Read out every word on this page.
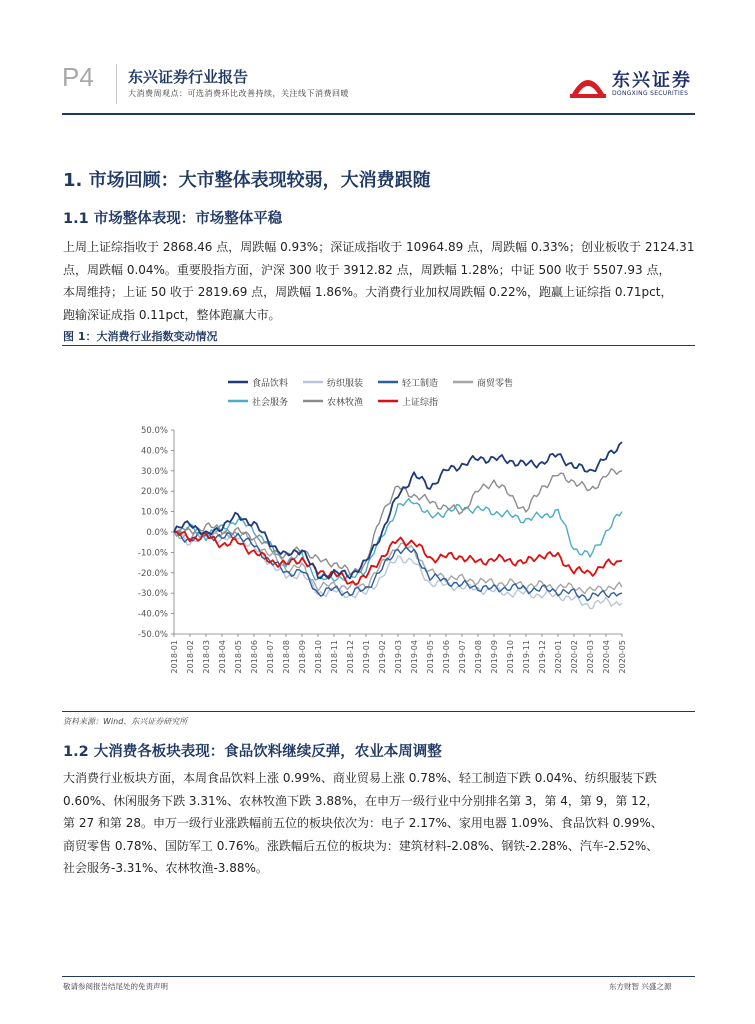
P4 东兴证券行业报告
大消费周观点：可选消费环比改善持续，关注线下消费回暖
东兴证券
DONGXING SECURITIES
1. 市场回顾：大市整体表现较弱，大消费跟随
1.1 市场整体表现：市场整体平稳
上周上证综指收于 2868.46 点，周跌幅 0.93%；深证成指收于 10964.89 点，周跌幅 0.33%；创业板收于 2124.31
点，周跌幅 0.04%。重要股指方面，沪深 300 收于 3912.82 点，周跌幅 1.28%；中证 500 收于 5507.93 点，
本周维持；上证 50 收于 2819.69 点，周跌幅 1.86%。大消费行业加权周跌幅 0.22%，跑赢上证综指 0.71pct，
跑输深证成指 0.11pct，整体跑赢大市。
图 1：大消费行业指数变动情况
食品饮料	纺织服装	轻工制造	商贸零售
社会服务	农林牧渔	上证综指
50.0%
40.0%
30.0%
20.0%
10.0%
0.0%
-10.0%
-20.0%
-30.0%
-40.0%
-50.0%
2018-01 2018-02 2018-03 2018-04 2018-05 2018-06 2018-07 2018-08 2018-09 2018-10 2018-11 2018-12 2019-01 2019-02 2019-03 2019-04 2019-05 2019-06 2019-07 2019-08 2019-09 2019-10 2019-11 2019-12 2020-01 2020-02 2020-03 2020-04 2020-05
资料来源：Wind、东兴证券研究所
1.2 大消费各板块表现：食品饮料继续反弹，农业本周调整
大消费行业板块方面，本周食品饮料上涨 0.99%、商业贸易上涨 0.78%、轻工制造下跌 0.04%、纺织服装下跌
0.60%、休闲服务下跌 3.31%、农林牧渔下跌 3.88%，在申万一级行业中分别排名第 3，第 4，第 9，第 12，
第 27 和第 28。申万一级行业涨跌幅前五位的板块依次为：电子 2.17%、家用电器 1.09%、食品饮料 0.99%、
商贸零售 0.78%、国防军工 0.76%。涨跌幅后五位的板块为：建筑材料-2.08%、钢铁-2.28%、汽车-2.52%、
社会服务-3.31%、农林牧渔-3.88%。
敬请参阅报告结尾处的免责声明	东方财智 兴盛之源
